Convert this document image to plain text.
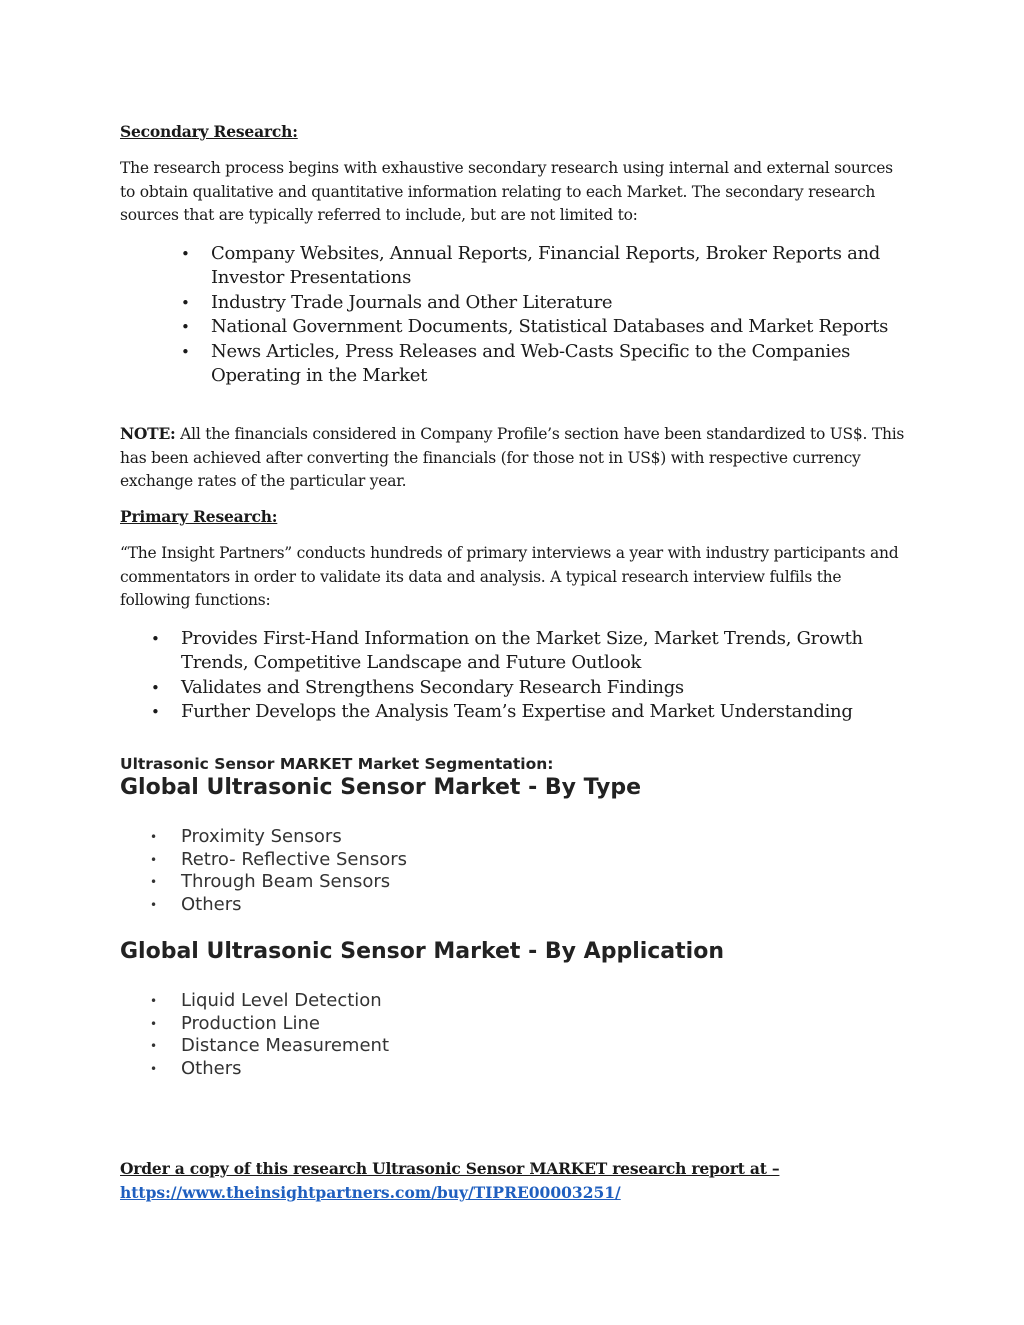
Secondary Research:
The research process begins with exhaustive secondary research using internal and external sources to obtain qualitative and quantitative information relating to each Market. The secondary research sources that are typically referred to include, but are not limited to:
• Company Websites, Annual Reports, Financial Reports, Broker Reports and Investor Presentations
• Industry Trade Journals and Other Literature
• National Government Documents, Statistical Databases and Market Reports
• News Articles, Press Releases and Web-Casts Specific to the Companies Operating in the Market
NOTE: All the financials considered in Company Profile’s section have been standardized to US$. This has been achieved after converting the financials (for those not in US$) with respective currency exchange rates of the particular year.
Primary Research:
“The Insight Partners” conducts hundreds of primary interviews a year with industry participants and commentators in order to validate its data and analysis. A typical research interview fulfils the following functions:
• Provides First-Hand Information on the Market Size, Market Trends, Growth Trends, Competitive Landscape and Future Outlook
• Validates and Strengthens Secondary Research Findings
• Further Develops the Analysis Team’s Expertise and Market Understanding
Ultrasonic Sensor MARKET Market Segmentation:
Global Ultrasonic Sensor Market - By Type
• Proximity Sensors
• Retro- Reflective Sensors
• Through Beam Sensors
• Others
Global Ultrasonic Sensor Market - By Application
• Liquid Level Detection
• Production Line
• Distance Measurement
• Others
Order a copy of this research Ultrasonic Sensor MARKET research report at –
https://www.theinsightpartners.com/buy/TIPRE00003251/
